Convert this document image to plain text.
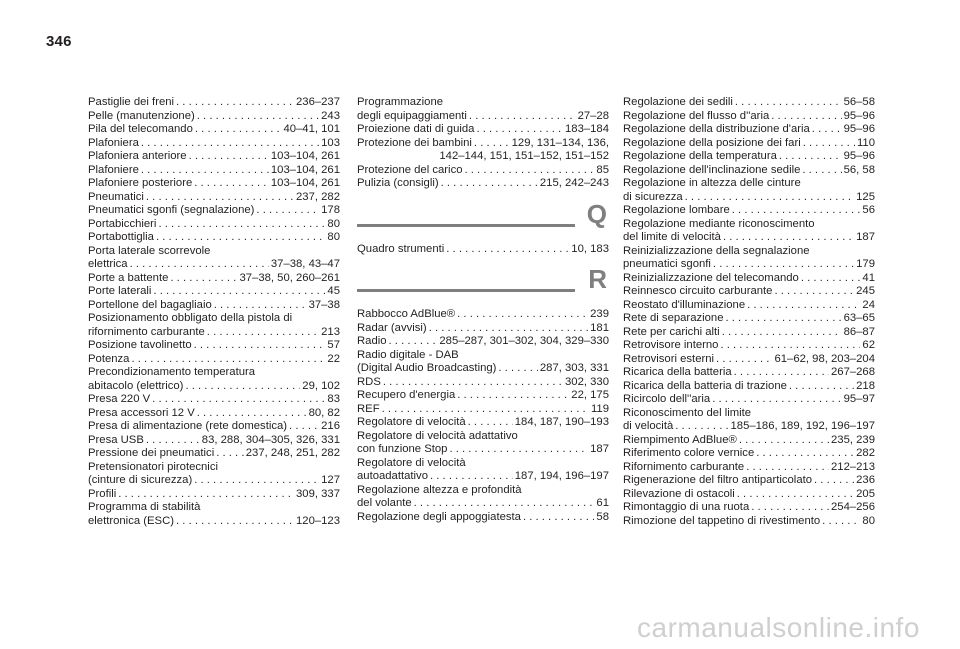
346
Pastiglie dei freni . . .	236–237
Pelle (manutenzione) . . .	243
Pila del telecomando . . .	40–41, 101
Plafoniera . . .	103
Plafoniera anteriore . . .	103–104, 261
Plafoniere . . .	103–104, 261
Plafoniere posteriore . . .	103–104, 261
Pneumatici . . .	237, 282
Pneumatici sgonfi (segnalazione) . . .	178
Portabicchieri . . .	80
Portabottiglia . . .	80
Porta laterale scorrevole
elettrica . . .	37–38, 43–47
Porte a battente . . .	37–38, 50, 260–261
Porte laterali . . .	45
Portellone del bagagliaio . . .	37–38
Posizionamento obbligato della pistola di
rifornimento carburante . . .	213
Posizione tavolinetto . . .	57
Potenza . . .	22
Precondizionamento temperatura
abitacolo (elettrico) . . .	29, 102
Presa 220 V . . .	83
Presa accessori 12 V . . .	80, 82
Presa di alimentazione (rete domestica) . . .	216
Presa USB . . .	83, 288, 304–305, 326, 331
Pressione dei pneumatici . . .	237, 248, 251, 282
Pretensionatori pirotecnici
(cinture di sicurezza) . . .	127
Profili . . .	309, 337
Programma di stabilità
elettronica (ESC) . . .	120–123
Programmazione
degli equipaggiamenti . . .	27–28
Proiezione dati di guida . . .	183–184
Protezione dei bambini . . .	129, 131–134, 136,
142–144, 151, 151–152, 151–152
Protezione del carico . . .	85
Pulizia (consigli) . . .	215, 242–243
Q
Quadro strumenti . . .	10, 183
R
Rabbocco AdBlue® . . .	239
Radar (avvisi) . . .	181
Radio . . .	285–287, 301–302, 304, 329–330
Radio digitale - DAB
(Digital Audio Broadcasting) . . .	287, 303, 331
RDS . . .	302, 330
Recupero d'energia . . .	22, 175
REF . . .	119
Regolatore di velocità . . .	184, 187, 190–193
Regolatore di velocità adattativo
con funzione Stop . . .	187
Regolatore di velocità
autoadattativo . . .	187, 194, 196–197
Regolazione altezza e profondità
del volante . . .	61
Regolazione degli appoggiatesta . . .	58
Regolazione dei sedili . . .	56–58
Regolazione del flusso d''aria . . .	95–96
Regolazione della distribuzione d'aria . . .	95–96
Regolazione della posizione dei fari . . .	110
Regolazione della temperatura . . .	95–96
Regolazione dell'inclinazione sedile . . .	56, 58
Regolazione in altezza delle cinture
di sicurezza . . .	125
Regolazione lombare . . .	56
Regolazione mediante riconoscimento
del limite di velocità . . .	187
Reinizializzazione della segnalazione
pneumatici sgonfi . . .	179
Reinizializzazione del telecomando . . .	41
Reinnesco circuito carburante . . .	245
Reostato d'illuminazione . . .	24
Rete di separazione . . .	63–65
Rete per carichi alti . . .	86–87
Retrovisore interno . . .	62
Retrovisori esterni . . .	61–62, 98, 203–204
Ricarica della batteria . . .	267–268
Ricarica della batteria di trazione . . .	218
Ricircolo dell''aria . . .	95–97
Riconoscimento del limite
di velocità . . .	185–186, 189, 192, 196–197
Riempimento AdBlue® . . .	235, 239
Riferimento colore vernice . . .	282
Rifornimento carburante . . .	212–213
Rigenerazione del filtro antiparticolato . . .	236
Rilevazione di ostacoli . . .	205
Rimontaggio di una ruota . . .	254–256
Rimozione del tappetino di rivestimento . . .	80
carmanualsonline.info
